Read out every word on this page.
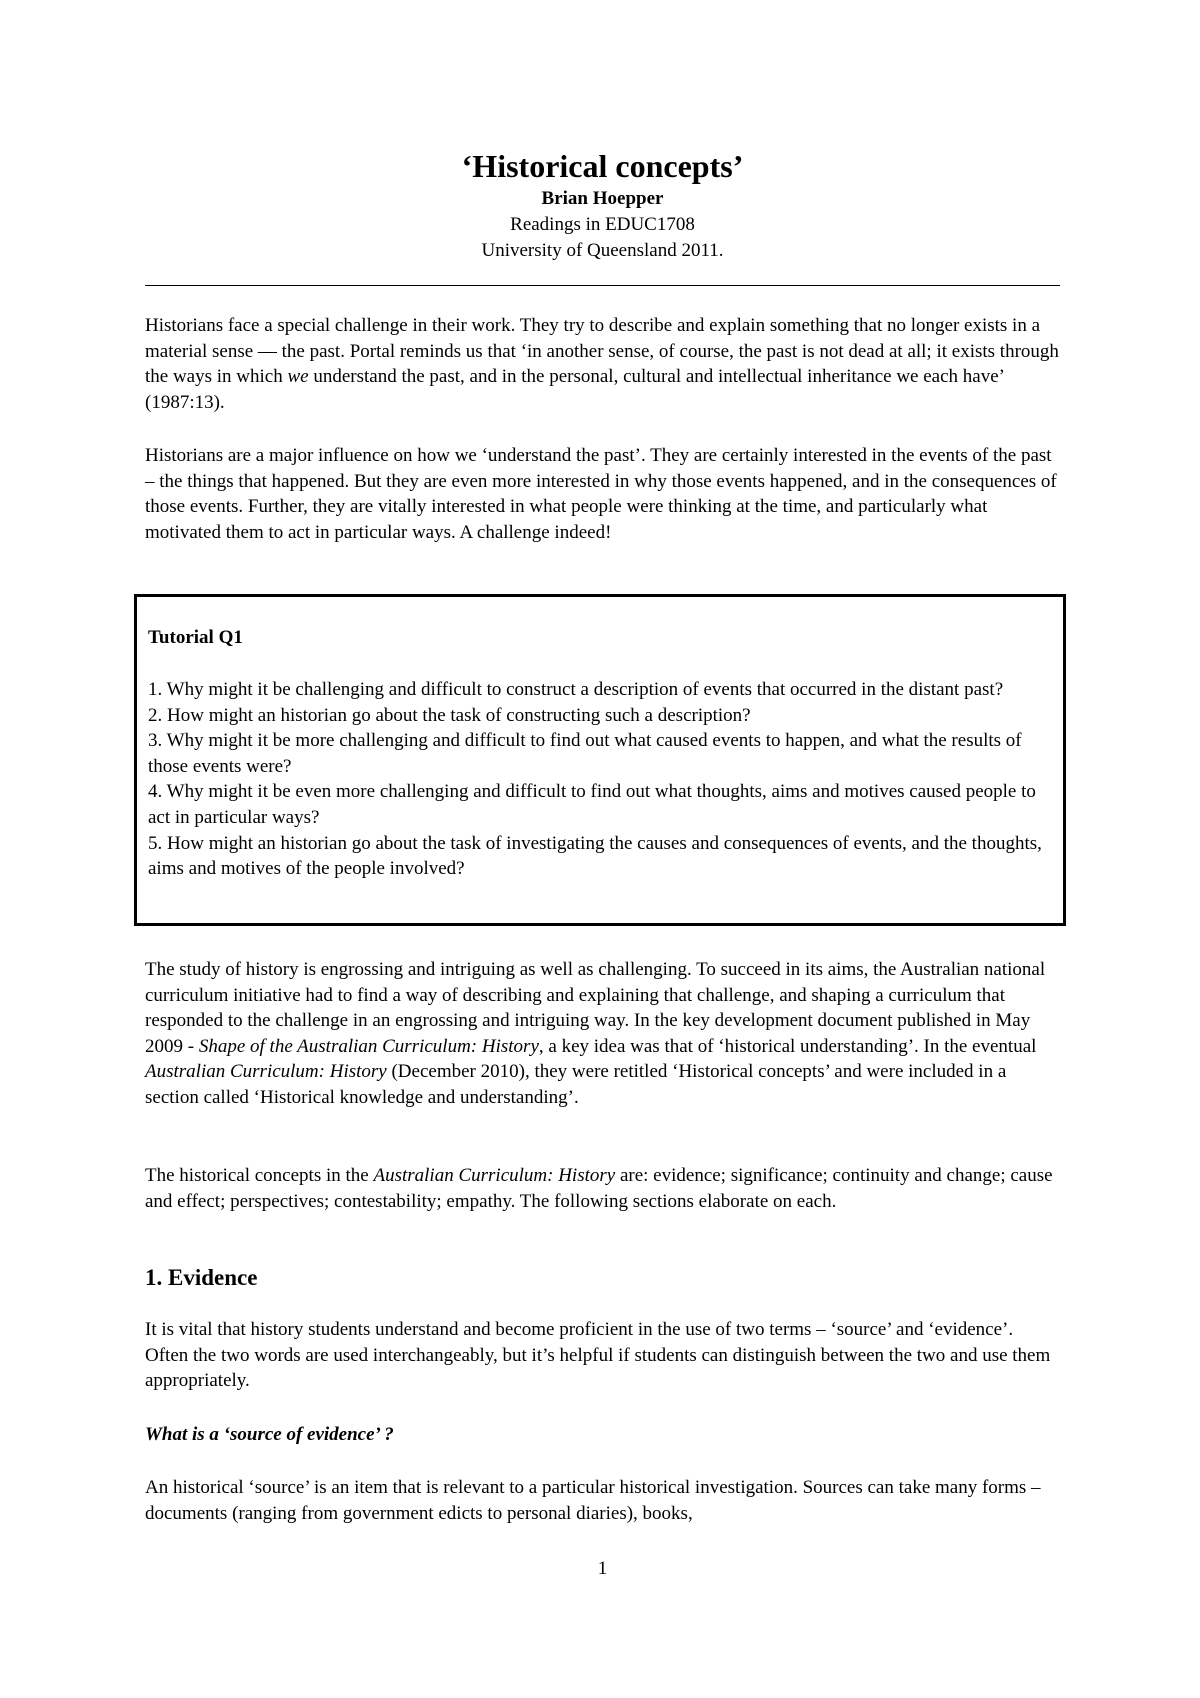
‘Historical concepts’
Brian Hoepper
Readings in EDUC1708
University of Queensland 2011.

Historians face a special challenge in their work. They try to describe and explain something that no longer exists in a material sense — the past. Portal reminds us that ‘in another sense, of course, the past is not dead at all; it exists through the ways in which we understand the past, and in the personal, cultural and intellectual inheritance we each have’ (1987:13).

Historians are a major influence on how we ‘understand the past’. They are certainly interested in the events of the past – the things that happened. But they are even more interested in why those events happened, and in the consequences of those events. Further, they are vitally interested in what people were thinking at the time, and particularly what motivated them to act in particular ways. A challenge indeed!

Tutorial Q1

1. Why might it be challenging and difficult to construct a description of events that occurred in the distant past?
2. How might an historian go about the task of constructing such a description?
3. Why might it be more challenging and difficult to find out what caused events to happen, and what the results of those events were?
4. Why might it be even more challenging and difficult to find out what thoughts, aims and motives caused people to act in particular ways?
5. How might an historian go about the task of investigating the causes and consequences of events, and the thoughts, aims and motives of the people involved?

The study of history is engrossing and intriguing as well as challenging. To succeed in its aims, the Australian national curriculum initiative had to find a way of describing and explaining that challenge, and shaping a curriculum that responded to the challenge in an engrossing and intriguing way. In the key development document published in May 2009 - Shape of the Australian Curriculum: History, a key idea was that of ‘historical understanding’. In the eventual Australian Curriculum: History (December 2010), they were retitled ‘Historical concepts’ and were included in a section called ‘Historical knowledge and understanding’.

The historical concepts in the Australian Curriculum: History are: evidence; significance; continuity and change; cause and effect; perspectives; contestability; empathy. The following sections elaborate on each.

1. Evidence

It is vital that history students understand and become proficient in the use of two terms – ‘source’ and ‘evidence’. Often the two words are used interchangeably, but it’s helpful if students can distinguish between the two and use them appropriately.

What is a ‘source of evidence’ ?

An historical ‘source’ is an item that is relevant to a particular historical investigation. Sources can take many forms – documents (ranging from government edicts to personal diaries), books,

1
